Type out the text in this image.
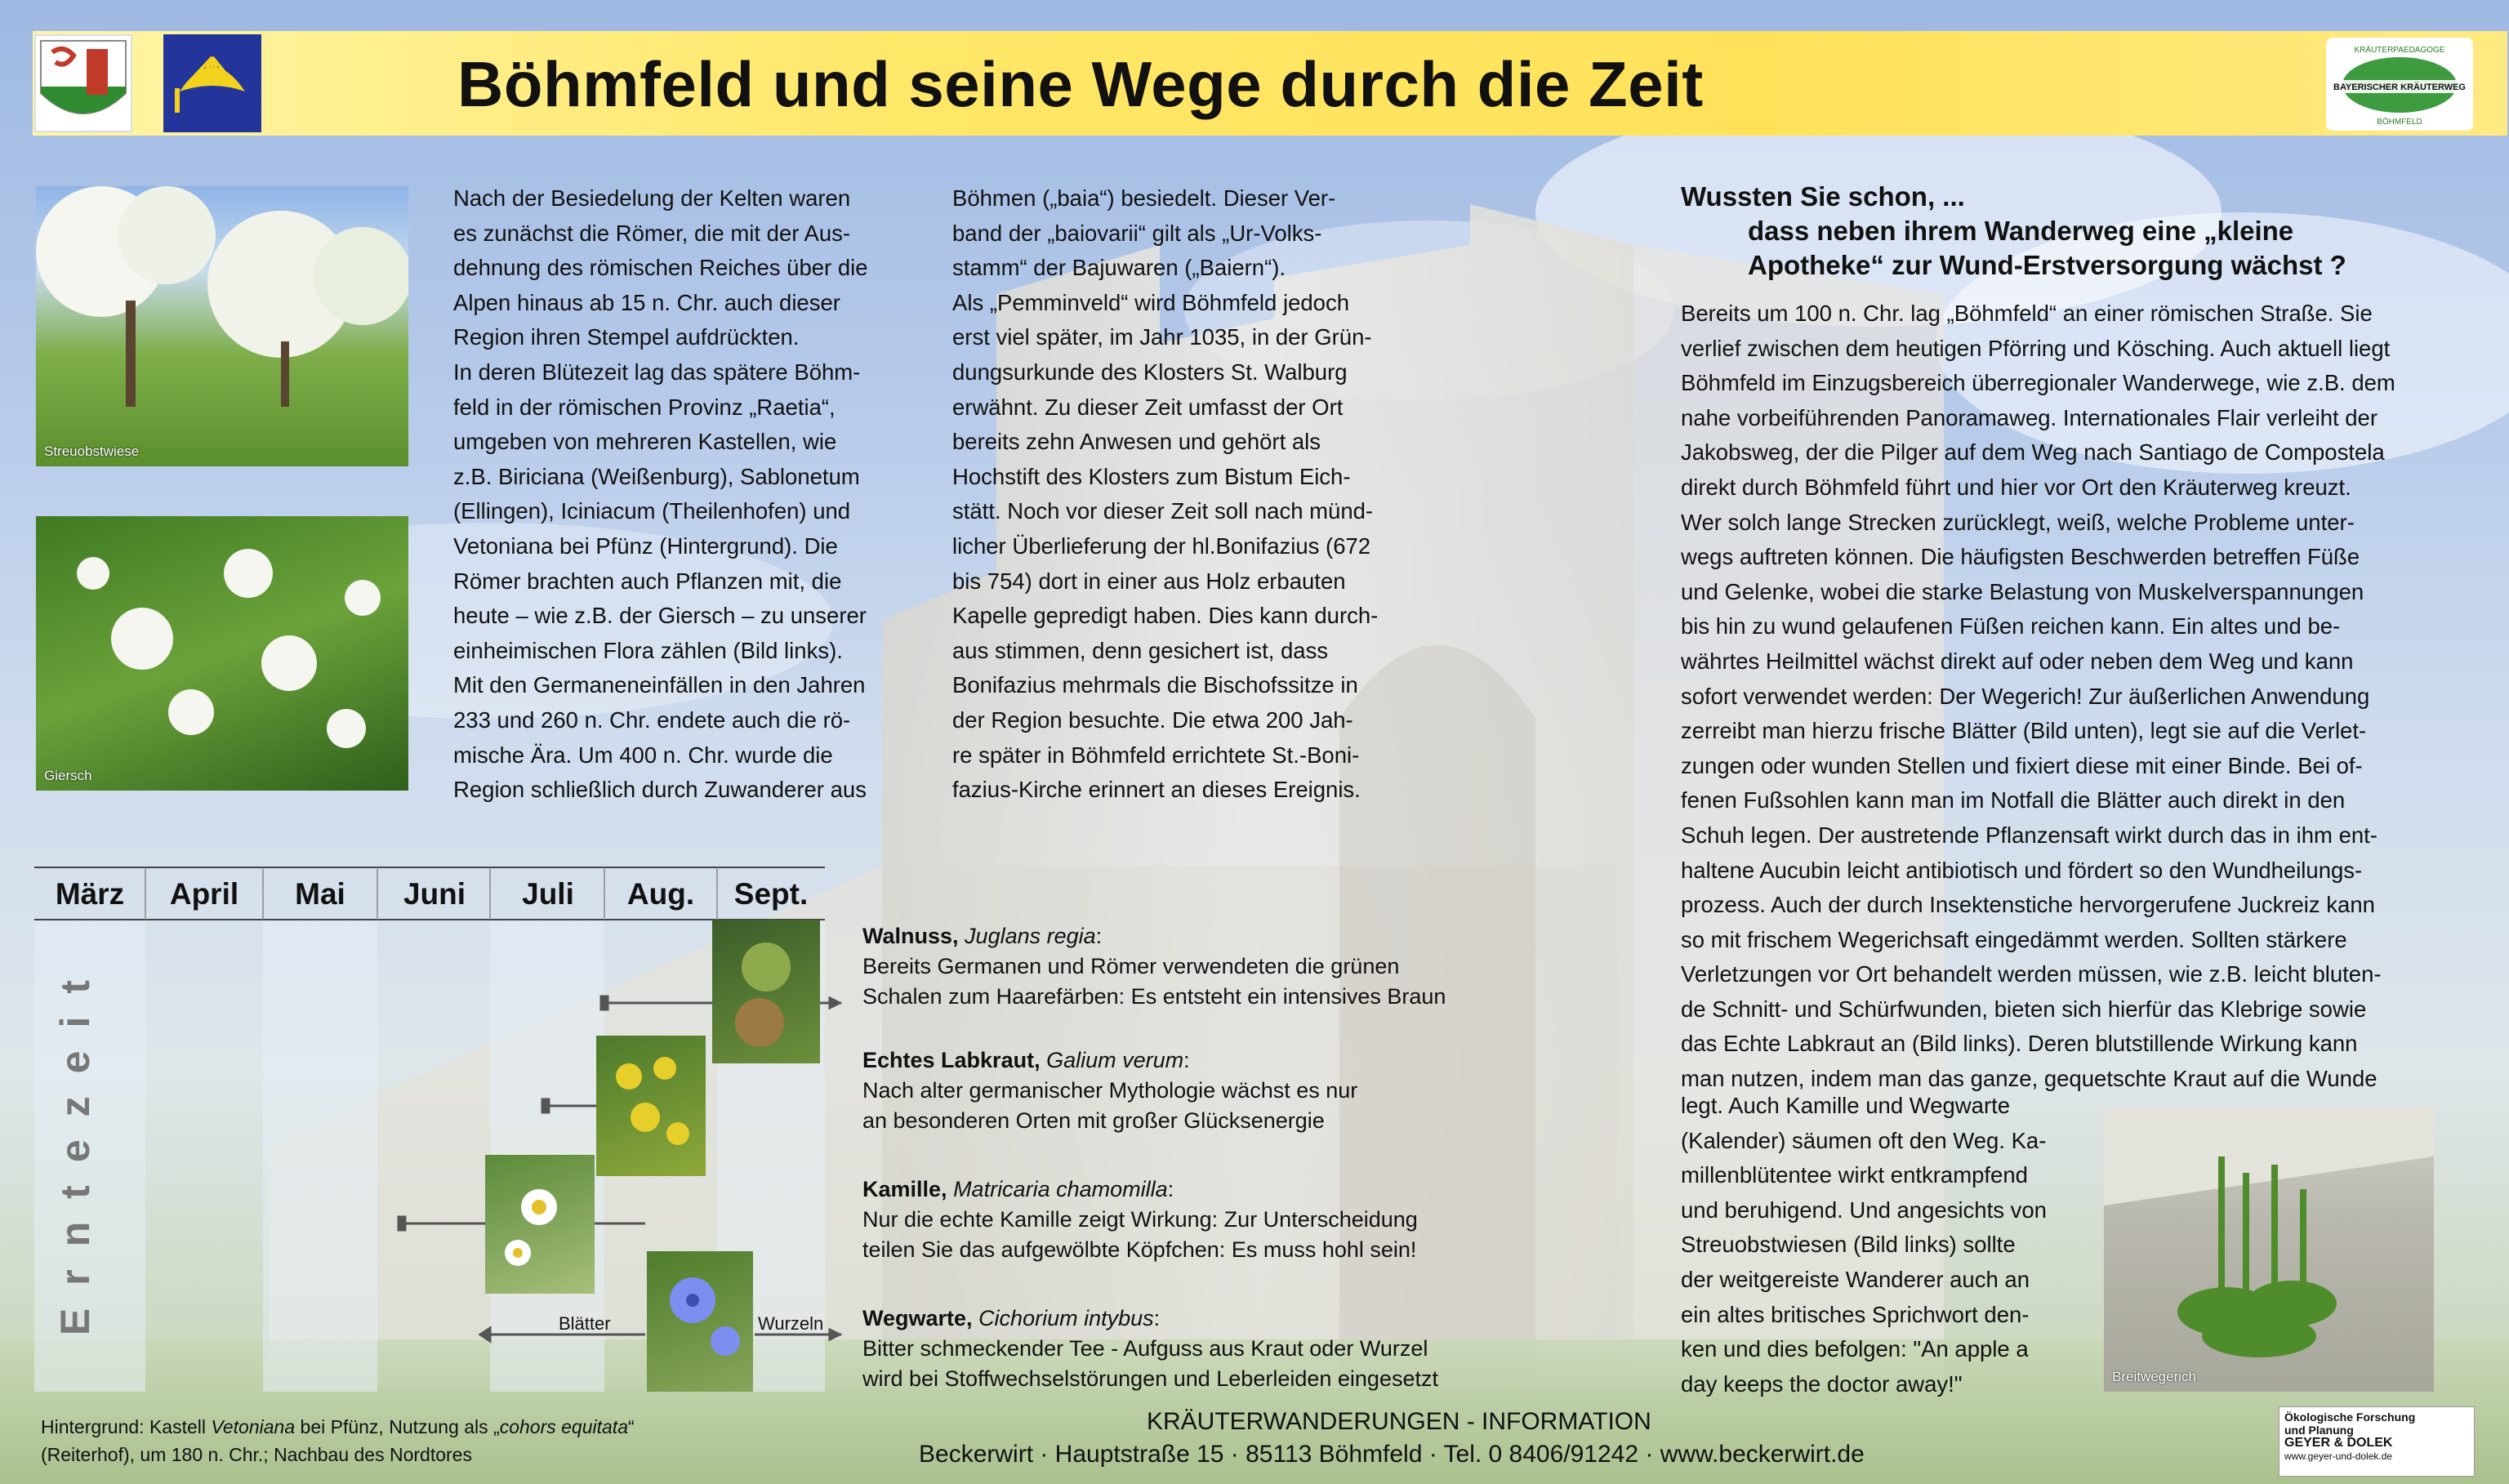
Böhmfeld und seine Wege durch die Zeit	KRÄUTERPAEDAGOGE
BAYERISCHER KRÄUTERWEG
BÖHMFELD
Streuobstwiese
Giersch

Nach der Besiedelung der Kelten waren

es zunächst die Römer, die mit der Aus-

dehnung des römischen Reiches über die

Alpen hinaus ab 15 n. Chr. auch dieser

Region ihren Stempel aufdrückten.

In deren Blütezeit lag das spätere Böhm-

feld in der römischen Provinz „Raetia“,

umgeben von mehreren Kastellen, wie

z.B. Biriciana (Weißenburg), Sablonetum

(Ellingen), Iciniacum (Theilenhofen) und

Vetoniana bei Pfünz (Hintergrund). Die

Römer brachten auch Pflanzen mit, die

heute – wie z.B. der Giersch – zu unserer

einheimischen Flora zählen (Bild links).

Mit den Germaneneinfällen in den Jahren

233 und 260 n. Chr. endete auch die rö-

mische Ära. Um 400 n. Chr. wurde die

Region schließlich durch Zuwanderer aus

Böhmen („baia“) besiedelt. Dieser Ver-

band der „baiovarii“ gilt als „Ur-Volks-

stamm“ der Bajuwaren („Baiern“).

Als „Pemminveld“ wird Böhmfeld jedoch

erst viel später, im Jahr 1035, in der Grün-

dungsurkunde des Klosters St. Walburg

erwähnt. Zu dieser Zeit umfasst der Ort

bereits zehn Anwesen und gehört als

Hochstift des Klosters zum Bistum Eich-

stätt. Noch vor dieser Zeit soll nach münd-

licher Überlieferung der hl.Bonifazius (672

bis 754) dort in einer aus Holz erbauten

Kapelle gepredigt haben. Dies kann durch-

aus stimmen, denn gesichert ist, dass

Bonifazius mehrmals die Bischofssitze in

der Region besuchte. Die etwa 200 Jah-

re später in Böhmfeld errichtete St.-Boni-

fazius-Kirche erinnert an dieses Ereignis.

Wussten Sie schon, ...
dass neben ihrem Wanderweg eine „kleine
Apotheke“ zur Wund-Erstversorgung wächst ?

Bereits um 100 n. Chr. lag „Böhmfeld“ an einer römischen Straße. Sie

verlief zwischen dem heutigen Pförring und Kösching. Auch aktuell liegt

Böhmfeld im Einzugsbereich überregionaler Wanderwege, wie z.B. dem

nahe vorbeiführenden Panoramaweg. Internationales Flair verleiht der

Jakobsweg, der die Pilger auf dem Weg nach Santiago de Compostela

direkt durch Böhmfeld führt und hier vor Ort den Kräuterweg kreuzt.

Wer solch lange Strecken zurücklegt, weiß, welche Probleme unter-

wegs auftreten können. Die häufigsten Beschwerden betreffen Füße

und Gelenke, wobei die starke Belastung von Muskelverspannungen

bis hin zu wund gelaufenen Füßen reichen kann. Ein altes und be-

währtes Heilmittel wächst direkt auf oder neben dem Weg und kann

sofort verwendet werden: Der Wegerich! Zur äußerlichen Anwendung

zerreibt man hierzu frische Blätter (Bild unten), legt sie auf die Verlet-

zungen oder wunden Stellen und fixiert diese mit einer Binde. Bei of-

fenen Fußsohlen kann man im Notfall die Blätter auch direkt in den

Schuh legen. Der austretende Pflanzensaft wirkt durch das in ihm ent-

haltene Aucubin leicht antibiotisch und fördert so den Wundheilungs-

prozess. Auch der durch Insektenstiche hervorgerufene Juckreiz kann

so mit frischem Wegerichsaft eingedämmt werden. Sollten stärkere

Verletzungen vor Ort behandelt werden müssen, wie z.B. leicht bluten-

de Schnitt- und Schürfwunden, bieten sich hierfür das Klebrige sowie

das Echte Labkraut an (Bild links). Deren blutstillende Wirkung kann

man nutzen, indem man das ganze, gequetschte Kraut auf die Wunde

legt. Auch Kamille und Wegwarte

(Kalender) säumen oft den Weg. Ka-

millenblütentee wirkt entkrampfend

und beruhigend. Und angesichts von

Streuobstwiesen (Bild links) sollte

der weitgereiste Wanderer auch an

ein altes britisches Sprichwort den-

ken und dies befolgen: "An apple a

day keeps the doctor away!"	Breitwegerich
März	April	Mai	Juni	Juli	Aug.	Sept.
Erntezeit	Blätter	Wurzeln
Walnuss, Juglans regia:
Bereits Germanen und Römer verwendeten die grünen
Schalen zum Haarefärben: Es entsteht ein intensives Braun
Echtes Labkraut, Galium verum:
Nach alter germanischer Mythologie wächst es nur
an besonderen Orten mit großer Glücksenergie
Kamille, Matricaria chamomilla:
Nur die echte Kamille zeigt Wirkung: Zur Unterscheidung
teilen Sie das aufgewölbte Köpfchen: Es muss hohl sein!
Wegwarte, Cichorium intybus:
Bitter schmeckender Tee - Aufguss aus Kraut oder Wurzel
wird bei Stoffwechselstörungen und Leberleiden eingesetzt
Hintergrund: Kastell Vetoniana bei Pfünz, Nutzung als „cohors equitata“
(Reiterhof), um 180 n. Chr.; Nachbau des Nordtores
KRÄUTERWANDERUNGEN - INFORMATION
Beckerwirt · Hauptstraße 15 · 85113 Böhmfeld · Tel. 0 8406/91242 · www.beckerwirt.de
Ökologische Forschung
und Planung
GEYER & DOLEK
www.geyer-und-dolek.de
